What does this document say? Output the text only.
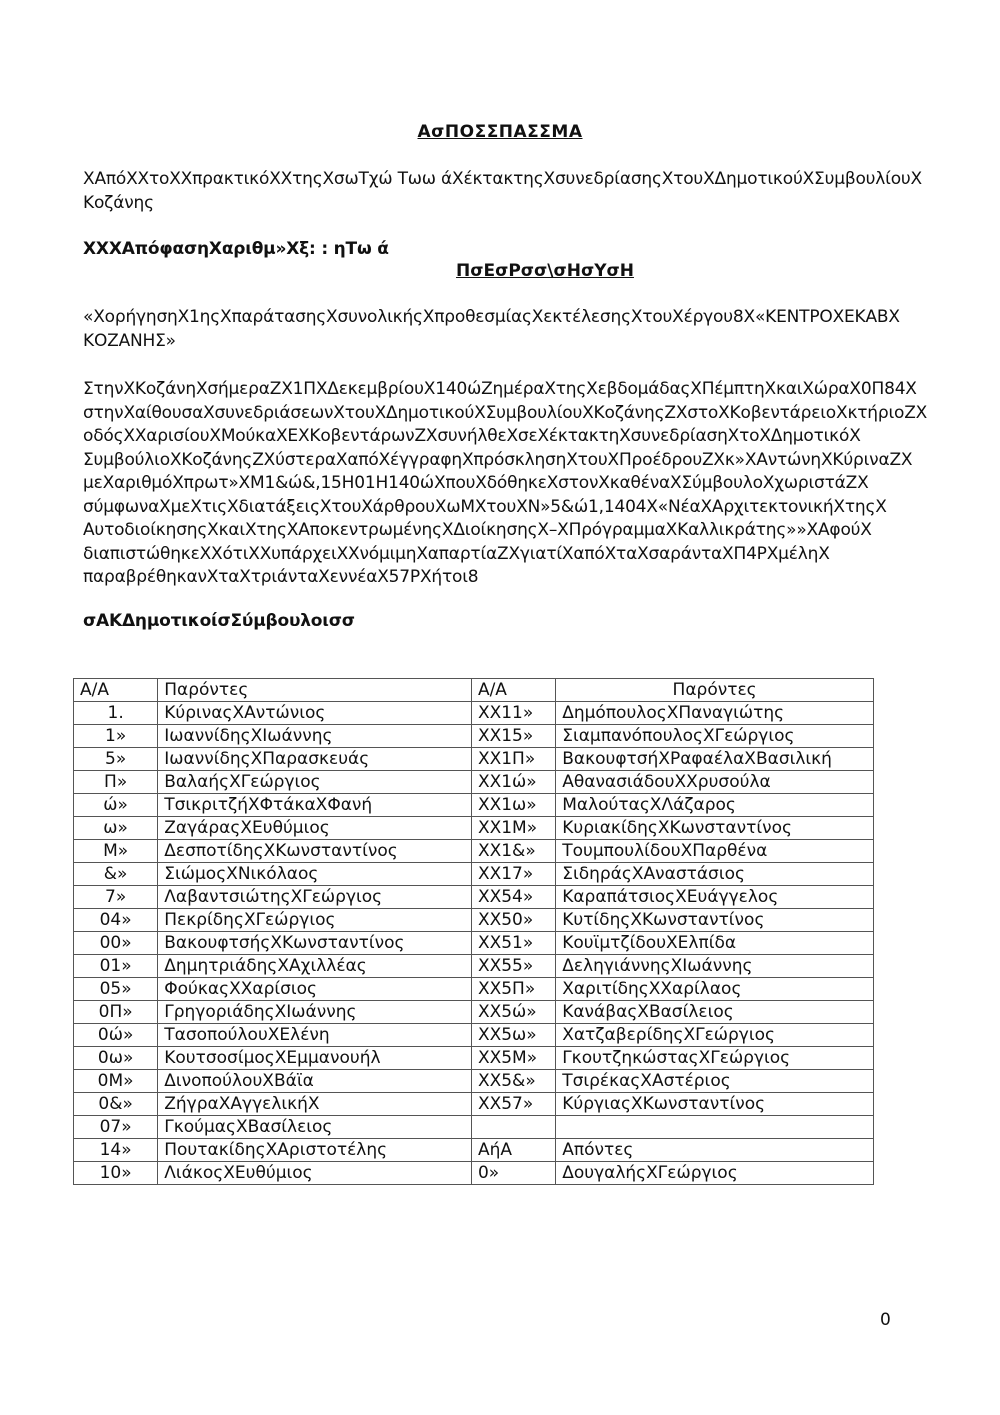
ΑσΠΟΣΣΠΑΣΣΜΑ
ΧΑπόΧΧτοΧΧπρακτικόΧΧτηςΧσωΤχώ Τωω άΧέκτακτηςΧσυνεδρίασηςΧτουΧΔημοτικούΧΣυμβουλίουΧ Κοζάνης
ΧΧΧΑπόφασηΧαριθμ»Χξ: : ηΤω ά
ΠσΕσΡσσ\σΗσΥσΗ
«ΧορήγησηΧ1ηςΧπαράτασηςΧσυνολικήςΧπροθεσμίαςΧεκτέλεσηςΧτουΧέργου8Χ«ΚΕΝΤΡΟΧΕΚΑΒΧ ΚΟΖΑΝΗΣ»
ΣτηνΧΚοζάνηΧσήμεραΖΧ1ΠΧΔεκεμβρίουΧ140ώΖημέραΧτηςΧεβδομάδαςΧΠέμπτηΧκαιΧώραΧ0Π84Χ στηνΧαίθουσαΧσυνεδριάσεωνΧτουΧΔημοτικούΧΣυμβουλίουΧΚοζάνηςΖΧστοΧΚοβεντάρειοΧκτήριοΖΧ οδόςΧΧαρισίουΧΜούκαΧΕΧΚοβεντάρωνΖΧσυνήλθεΧσεΧέκτακτηΧσυνεδρίασηΧτοΧΔημοτικόΧ ΣυμβούλιοΧΚοζάνηςΖΧύστεραΧαπόΧέγγραφηΧπρόσκλησηΧτουΧΠροέδρουΖΧκ»ΧΑντώνηΧΚύριναΖΧ μεΧαριθμόΧπρωτ»ΧΜ1&ώ&,15Η01Η140ώΧπουΧδόθηκεΧστονΧκαθέναΧΣύμβουλοΧχωριστάΖΧ σύμφωναΧμεΧτιςΧδιατάξειςΧτουΧάρθρουΧωΜΧτουΧΝ»5&ώ1,1404Χ«ΝέαΧΑρχιτεκτονικήΧτηςΧ ΑυτοδιοίκησηςΧκαιΧτηςΧΑποκεντρωμένηςΧΔιοίκησηςΧ–ΧΠρόγραμμαΧΚαλλικράτης»»ΧΑφούΧ διαπιστώθηκεΧΧότιΧΧυπάρχειΧΧνόμιμηΧαπαρτίαΖΧγιατίΧαπόΧταΧσαράνταΧΠ4ΡΧμέληΧ παραβρέθηκανΧταΧτριάνταΧεννέαΧ57ΡΧήτοι8
σΑΚΔημοτικοίσΣύμβουλοισσ
Α/Α	Παρόντες	Α/Α	Παρόντες
1.	ΚύριναςΧΑντώνιος	ΧΧ11»	ΔημόπουλοςΧΠαναγιώτης
1»	ΙωαννίδηςΧΙωάννης	ΧΧ15»	ΣιαμπανόπουλοςΧΓεώργιος
5»	ΙωαννίδηςΧΠαρασκευάς	ΧΧ1Π»	ΒακουφτσήΧΡαφαέλαΧΒασιλική
Π»	ΒαλαήςΧΓεώργιος	ΧΧ1ώ»	ΑθανασιάδουΧΧρυσούλα
ώ»	ΤσικριτζήΧΦτάκαΧΦανή	ΧΧ1ω»	ΜαλούταςΧΛάζαρος
ω»	ΖαγάραςΧΕυθύμιος	ΧΧ1Μ»	ΚυριακίδηςΧΚωνσταντίνος
Μ»	ΔεσποτίδηςΧΚωνσταντίνος	ΧΧ1&»	ΤουμπουλίδουΧΠαρθένα
&»	ΣιώμοςΧΝικόλαος	ΧΧ17»	ΣιδηράςΧΑναστάσιος
7»	ΛαβαντσιώτηςΧΓεώργιος	ΧΧ54»	ΚαραπάτσιοςΧΕυάγγελος
04»	ΠεκρίδηςΧΓεώργιος	ΧΧ50»	ΚυτίδηςΧΚωνσταντίνος
00»	ΒακουφτσήςΧΚωνσταντίνος	ΧΧ51»	ΚουϊμτζίδουΧΕλπίδα
01»	ΔημητριάδηςΧΑχιλλέας	ΧΧ55»	ΔεληγιάννηςΧΙωάννης
05»	ΦούκαςΧΧαρίσιος	ΧΧ5Π»	ΧαριτίδηςΧΧαρίλαος
0Π»	ΓρηγοριάδηςΧΙωάννης	ΧΧ5ώ»	ΚανάβαςΧΒασίλειος
0ώ»	ΤασοπούλουΧΕλένη	ΧΧ5ω»	ΧατζαβερίδηςΧΓεώργιος
0ω»	ΚουτσοσίμοςΧΕμμανουήλ	ΧΧ5Μ»	ΓκουτζηκώσταςΧΓεώργιος
0Μ»	ΔινοπούλουΧΒάϊα	ΧΧ5&»	ΤσιρέκαςΧΑστέριος
0&»	ΖήγραΧΑγγελικήΧ	ΧΧ57»	ΚύργιαςΧΚωνσταντίνος
07»	ΓκούμαςΧΒασίλειος		
14»	ΠουτακίδηςΧΑριστοτέλης	ΑήΑ	Απόντες
10»	ΛιάκοςΧΕυθύμιος	0»	ΔουγαλήςΧΓεώργιος
0
